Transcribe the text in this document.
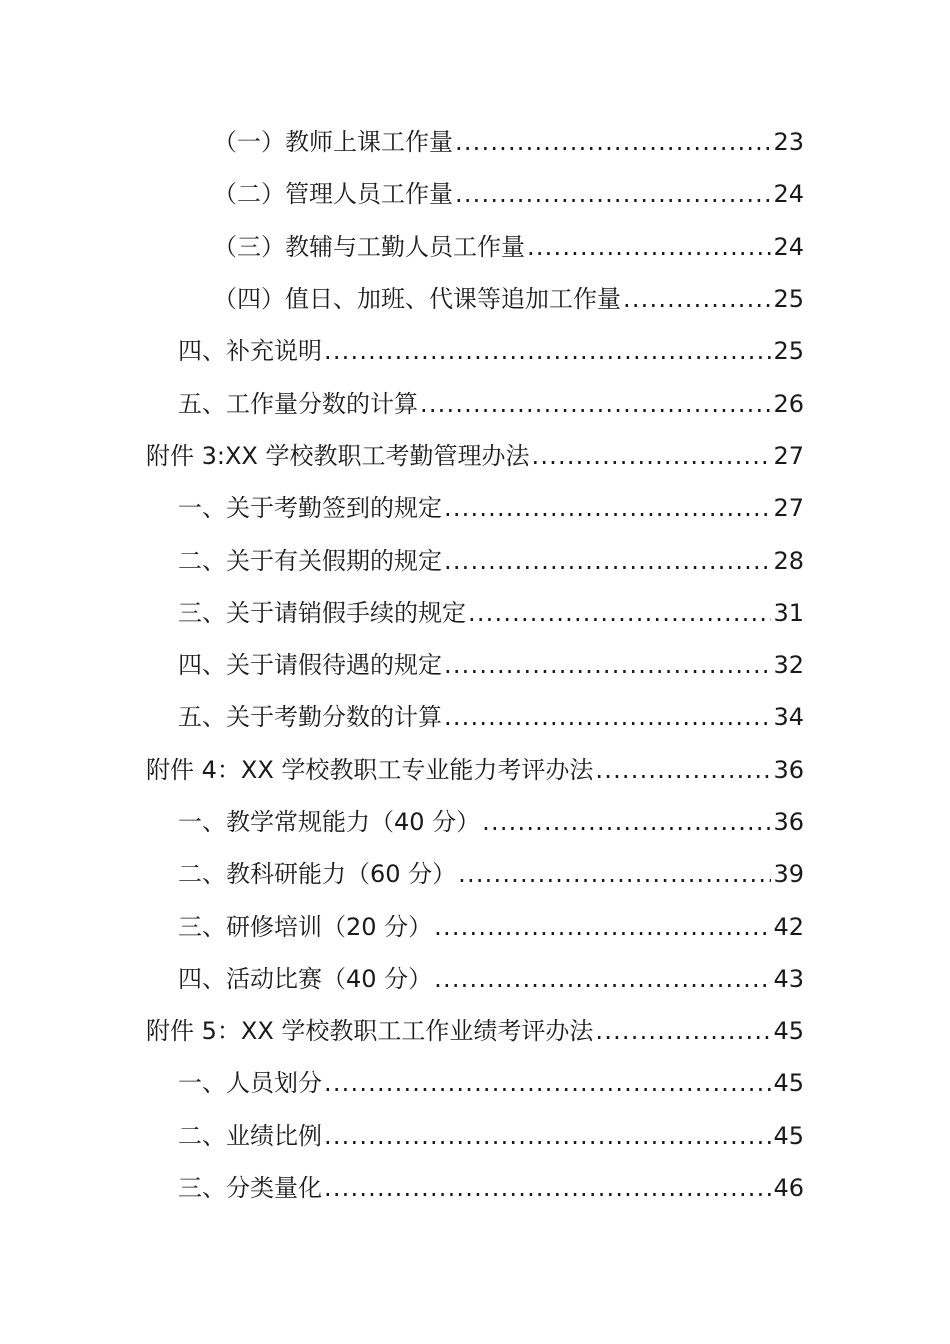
（一）教师上课工作量 .....	23
（二）管理人员工作量 .....	24
（三）教辅与工勤人员工作量 .....	24
（四）值日、加班、代课等追加工作量 .....	25
四、补充说明 .....	25
五、工作量分数的计算 .....	26
附件 3:XX 学校教职工考勤管理办法 .....	27
一、关于考勤签到的规定 .....	27
二、关于有关假期的规定 .....	28
三、关于请销假手续的规定 .....	31
四、关于请假待遇的规定 .....	32
五、关于考勤分数的计算 .....	34
附件 4：XX 学校教职工专业能力考评办法 .....	36
一、教学常规能力（40 分） .....	36
二、教科研能力（60 分） .....	39
三、研修培训（20 分） .....	42
四、活动比赛（40 分） .....	43
附件 5：XX 学校教职工工作业绩考评办法 .....	45
一、人员划分 .....	45
二、业绩比例 .....	45
三、分类量化 .....	46
